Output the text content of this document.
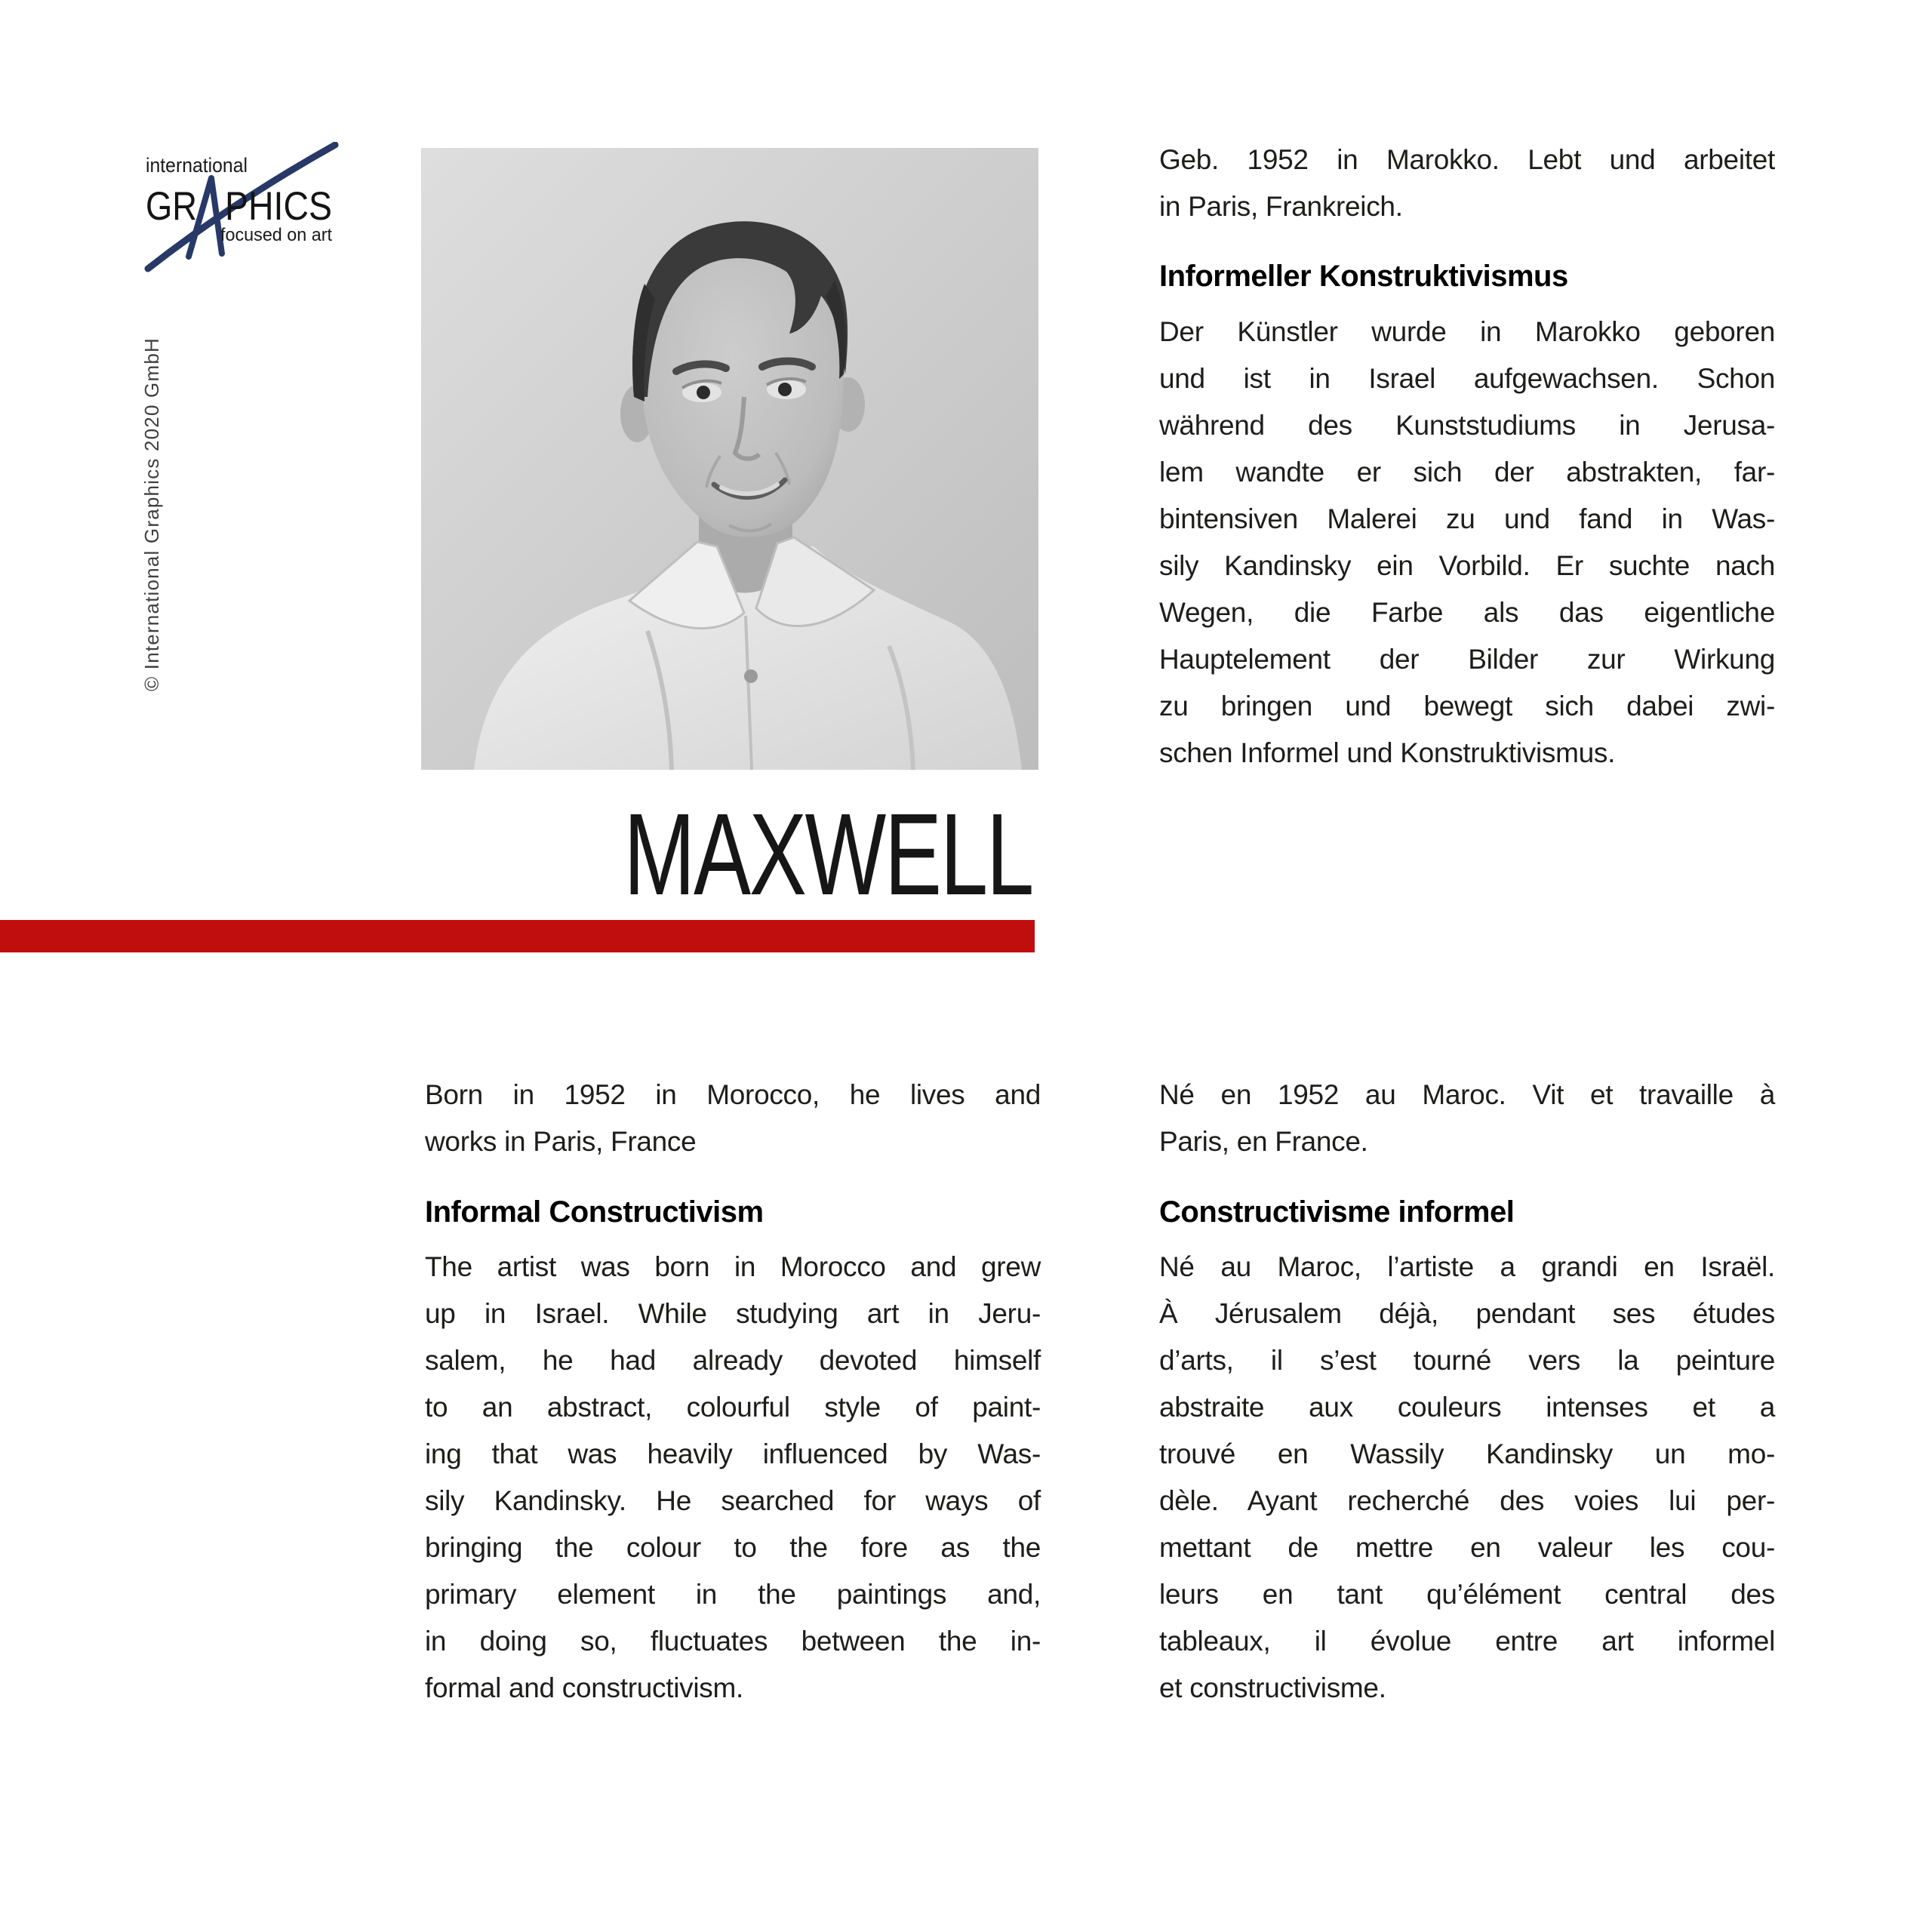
international
GR PHICS
focused on art
© International Graphics 2020 GmbH
MAXWELL
Geb. 1952 in Marokko. Lebt und arbeitet
in Paris, Frankreich.
Informeller Konstruktivismus
Der Künstler wurde in Marokko geboren
und ist in Israel aufgewachsen. Schon
während des Kunststudiums in Jerusa-
lem wandte er sich der abstrakten, far-
bintensiven Malerei zu und fand in Was-
sily Kandinsky ein Vorbild. Er suchte nach
Wegen, die Farbe als das eigentliche
Hauptelement der Bilder zur Wirkung
zu bringen und bewegt sich dabei zwi-
schen Informel und Konstruktivismus.
Born in 1952 in Morocco, he lives and
works in Paris, France
Informal Constructivism
The artist was born in Morocco and grew
up in Israel. While studying art in Jeru-
salem, he had already devoted himself
to an abstract, colourful style of paint-
ing that was heavily influenced by Was-
sily Kandinsky. He searched for ways of
bringing the colour to the fore as the
primary element in the paintings and,
in doing so, fluctuates between the in-
formal and constructivism.
Né en 1952 au Maroc. Vit et travaille à
Paris, en France.
Constructivisme informel
Né au Maroc, l’artiste a grandi en Israël.
À Jérusalem déjà, pendant ses études
d’arts, il s’est tourné vers la peinture
abstraite aux couleurs intenses et a
trouvé en Wassily Kandinsky un mo-
dèle. Ayant recherché des voies lui per-
mettant de mettre en valeur les cou-
leurs en tant qu’élément central des
tableaux, il évolue entre art informel
et constructivisme.
